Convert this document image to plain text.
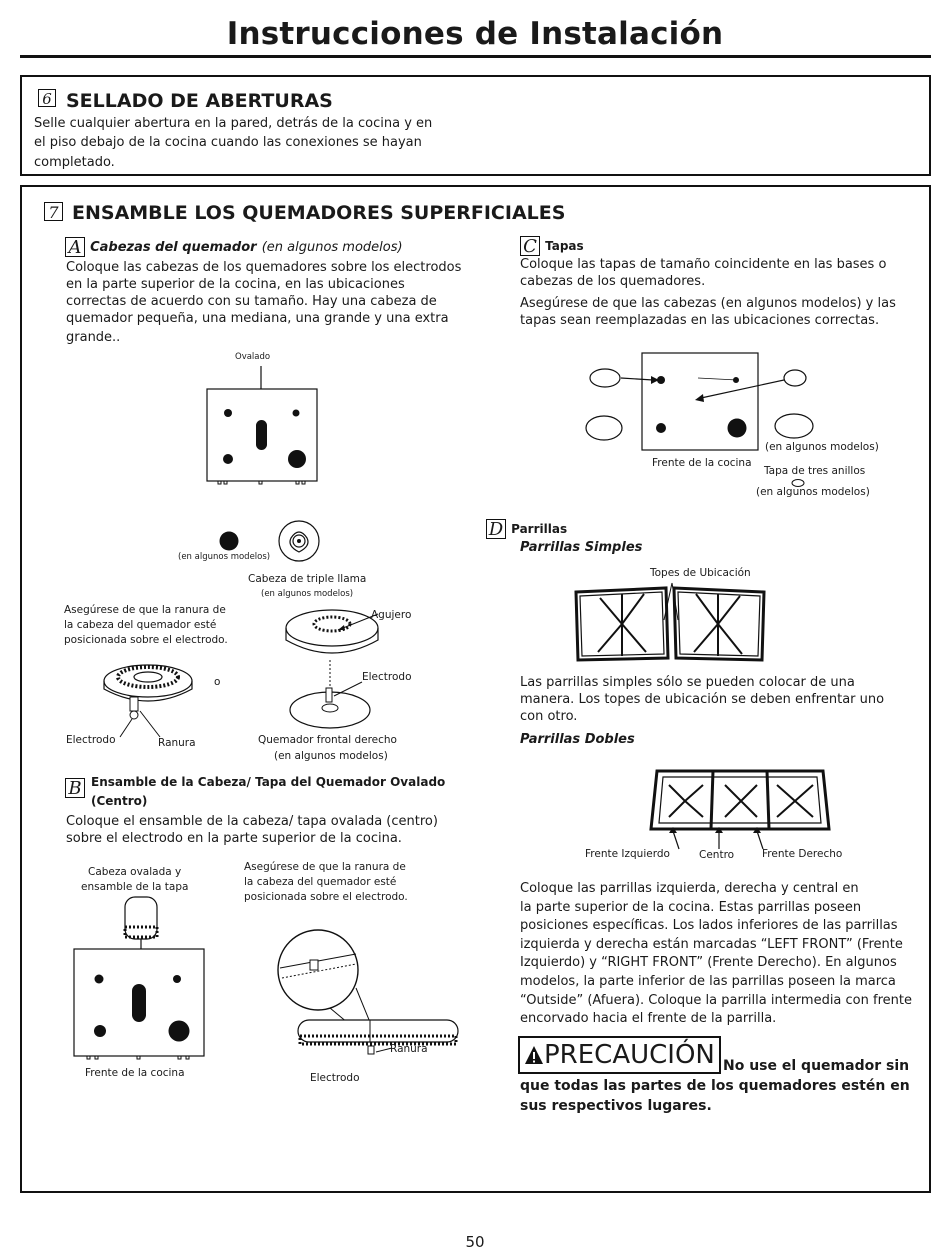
Instrucciones de Instalación
6 SELLADO DE ABERTURAS
Selle cualquier abertura en la pared, detrás de la cocina y en
el piso debajo de la cocina cuando las conexiones se hayan
completado.
7 ENSAMBLE LOS QUEMADORES SUPERFICIALES
A Cabezas del quemador (en algunos modelos)
Coloque las cabezas de los quemadores sobre los electrodos
en la parte superior de la cocina, en las ubicaciones
correctas de acuerdo con su tamaño. Hay una cabeza de
quemador pequeña, una mediana, una grande y una extra
grande..
Ovalado
(en algunos modelos)
Cabeza de triple llama
(en algunos modelos)
Asegúrese de que la ranura de
la cabeza del quemador esté
posicionada sobre el electrodo.
o
Agujero
Electrodo
Electrodo	Ranura	Quemador frontal derecho
(en algunos modelos)
B Ensamble de la Cabeza/ Tapa del Quemador Ovalado
(Centro)
Coloque el ensamble de la cabeza/ tapa ovalada (centro)
sobre el electrodo en la parte superior de la cocina.
Cabeza ovalada y
ensamble de la tapa
Asegúrese de que la ranura de
la cabeza del quemador esté
posicionada sobre el electrodo.
Frente de la cocina
Ranura
Electrodo
C Tapas
Coloque las tapas de tamaño coincidente en las bases o
cabezas de los quemadores.
Asegúrese de que las cabezas (en algunos modelos) y las
tapas sean reemplazadas en las ubicaciones correctas.
(en algunos modelos)
Frente de la cocina
Tapa de tres anillos
(en algunos modelos)
D Parrillas
Parrillas Simples
Topes de Ubicación
Las parrillas simples sólo se pueden colocar de una
manera. Los topes de ubicación se deben enfrentar uno
con otro.
Parrillas Dobles
Frente Izquierdo	Centro	Frente Derecho
Coloque las parrillas izquierda, derecha y central en
la parte superior de la cocina. Estas parrillas poseen
posiciones específicas. Los lados inferiores de las parrillas
izquierda y derecha están marcadas “LEFT FRONT” (Frente
Izquierdo) y “RIGHT FRONT” (Frente Derecho). En algunos
modelos, la parte inferior de las parrillas poseen la marca
“Outside” (Afuera). Coloque la parrilla intermedia con frente
encorvado hacia el frente de la parrilla.
PRECAUCIÓN No use el quemador sin
que todas las partes de los quemadores estén en
sus respectivos lugares.
50
